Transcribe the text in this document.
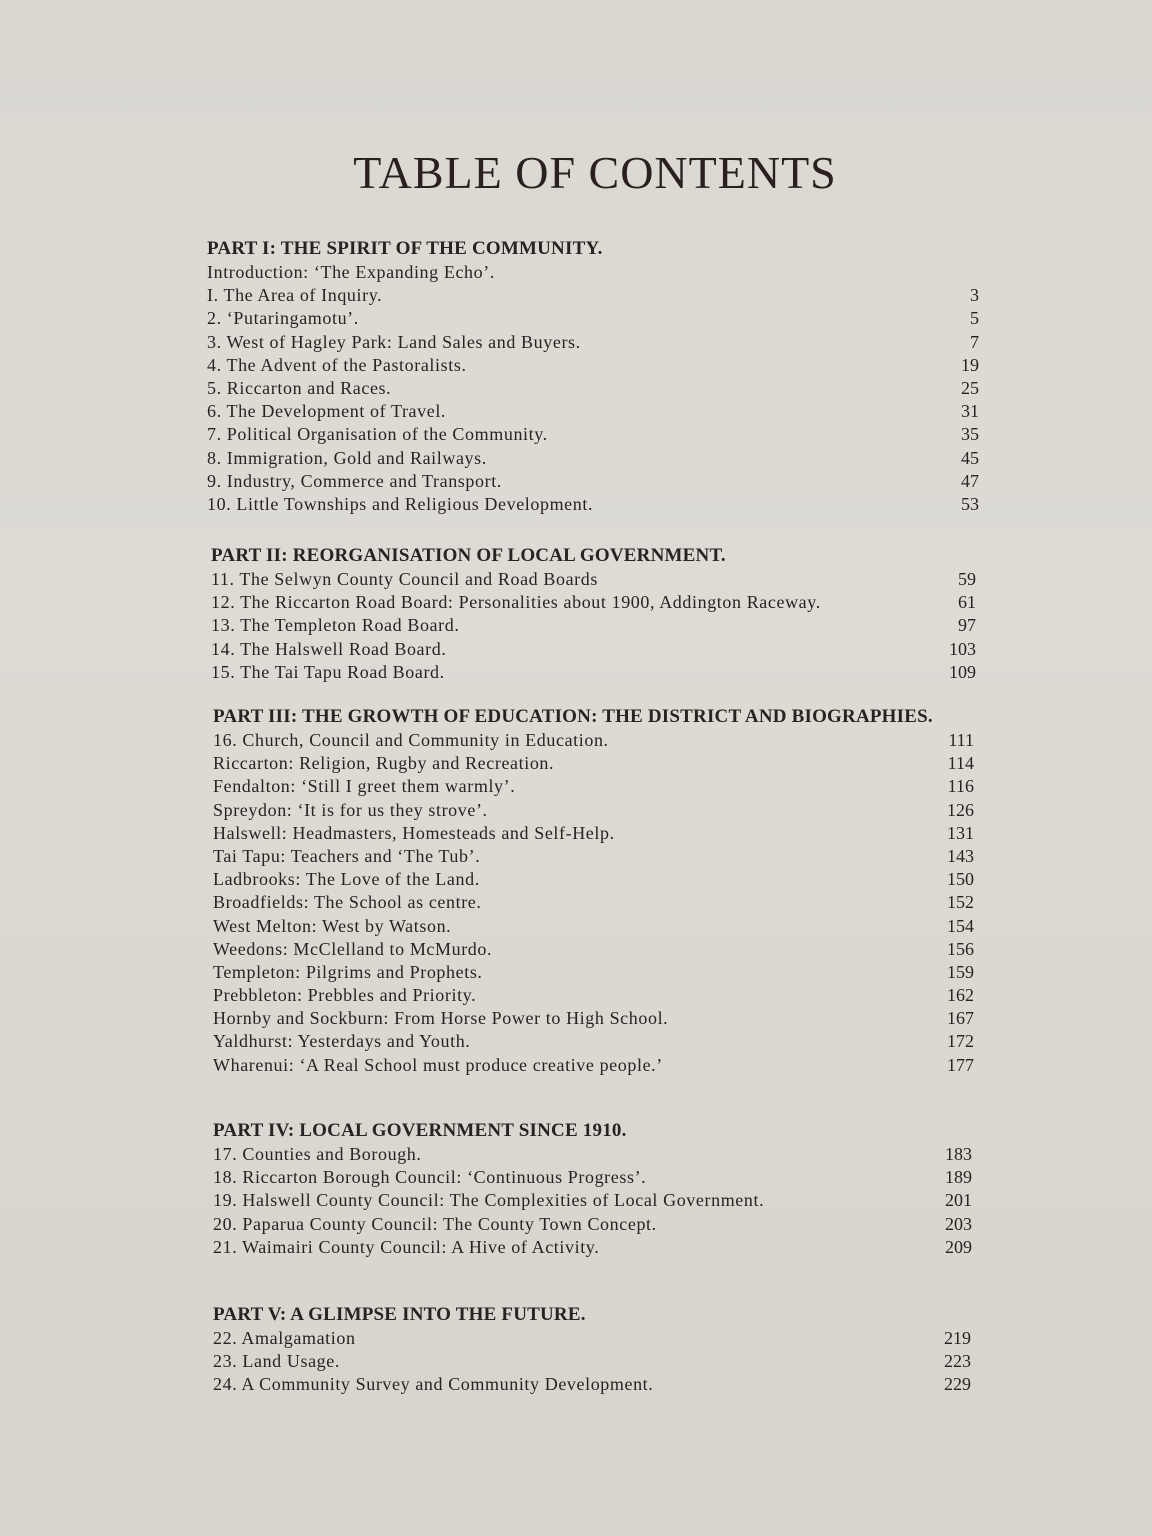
TABLE OF CONTENTS
PART I: THE SPIRIT OF THE COMMUNITY.
Introduction: ‘The Expanding Echo’.
I. The Area of Inquiry.	3
2. ‘Putaringamotu’.	5
3. West of Hagley Park: Land Sales and Buyers.	7
4. The Advent of the Pastoralists.	19
5. Riccarton and Races.	25
6. The Development of Travel.	31
7. Political Organisation of the Community.	35
8. Immigration, Gold and Railways.	45
9. Industry, Commerce and Transport.	47
10. Little Townships and Religious Development.	53
PART II: REORGANISATION OF LOCAL GOVERNMENT.
11. The Selwyn County Council and Road Boards	59
12. The Riccarton Road Board: Personalities about 1900, Addington Raceway.	61
13. The Templeton Road Board.	97
14. The Halswell Road Board.	103
15. The Tai Tapu Road Board.	109
PART III: THE GROWTH OF EDUCATION: THE DISTRICT AND BIOGRAPHIES.
16. Church, Council and Community in Education.	111
Riccarton: Religion, Rugby and Recreation.	114
Fendalton: ‘Still I greet them warmly’.	116
Spreydon: ‘It is for us they strove’.	126
Halswell: Headmasters, Homesteads and Self-Help.	131
Tai Tapu: Teachers and ‘The Tub’.	143
Ladbrooks: The Love of the Land.	150
Broadfields: The School as centre.	152
West Melton: West by Watson.	154
Weedons: McClelland to McMurdo.	156
Templeton: Pilgrims and Prophets.	159
Prebbleton: Prebbles and Priority.	162
Hornby and Sockburn: From Horse Power to High School.	167
Yaldhurst: Yesterdays and Youth.	172
Wharenui: ‘A Real School must produce creative people.’	177
PART IV: LOCAL GOVERNMENT SINCE 1910.
17. Counties and Borough.	183
18. Riccarton Borough Council: ‘Continuous Progress’.	189
19. Halswell County Council: The Complexities of Local Government.	201
20. Paparua County Council: The County Town Concept.	203
21. Waimairi County Council: A Hive of Activity.	209
PART V: A GLIMPSE INTO THE FUTURE.
22. Amalgamation	219
23. Land Usage.	223
24. A Community Survey and Community Development.	229
